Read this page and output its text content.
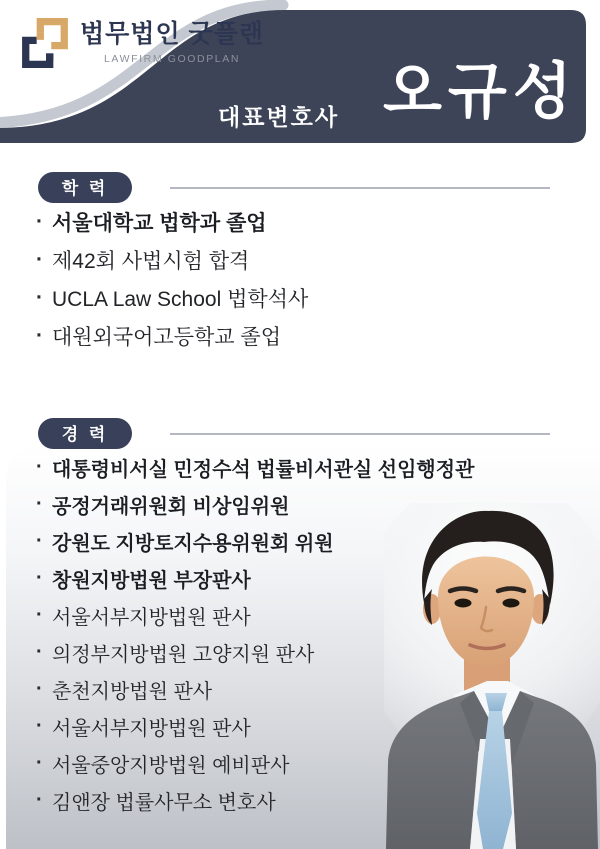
법무법인 굿플랜
LAWFIRM GOODPLAN
대표변호사 오규성
학 력
· 서울대학교 법학과 졸업
· 제42회 사법시험 합격
· UCLA Law School 법학석사
· 대원외국어고등학교 졸업
경 력
· 대통령비서실 민정수석 법률비서관실 선임행정관
· 공정거래위원회 비상임위원
· 강원도 지방토지수용위원회 위원
· 창원지방법원 부장판사
· 서울서부지방법원 판사
· 의정부지방법원 고양지원 판사
· 춘천지방법원 판사
· 서울서부지방법원 판사
· 서울중앙지방법원 예비판사
· 김앤장 법률사무소 변호사
